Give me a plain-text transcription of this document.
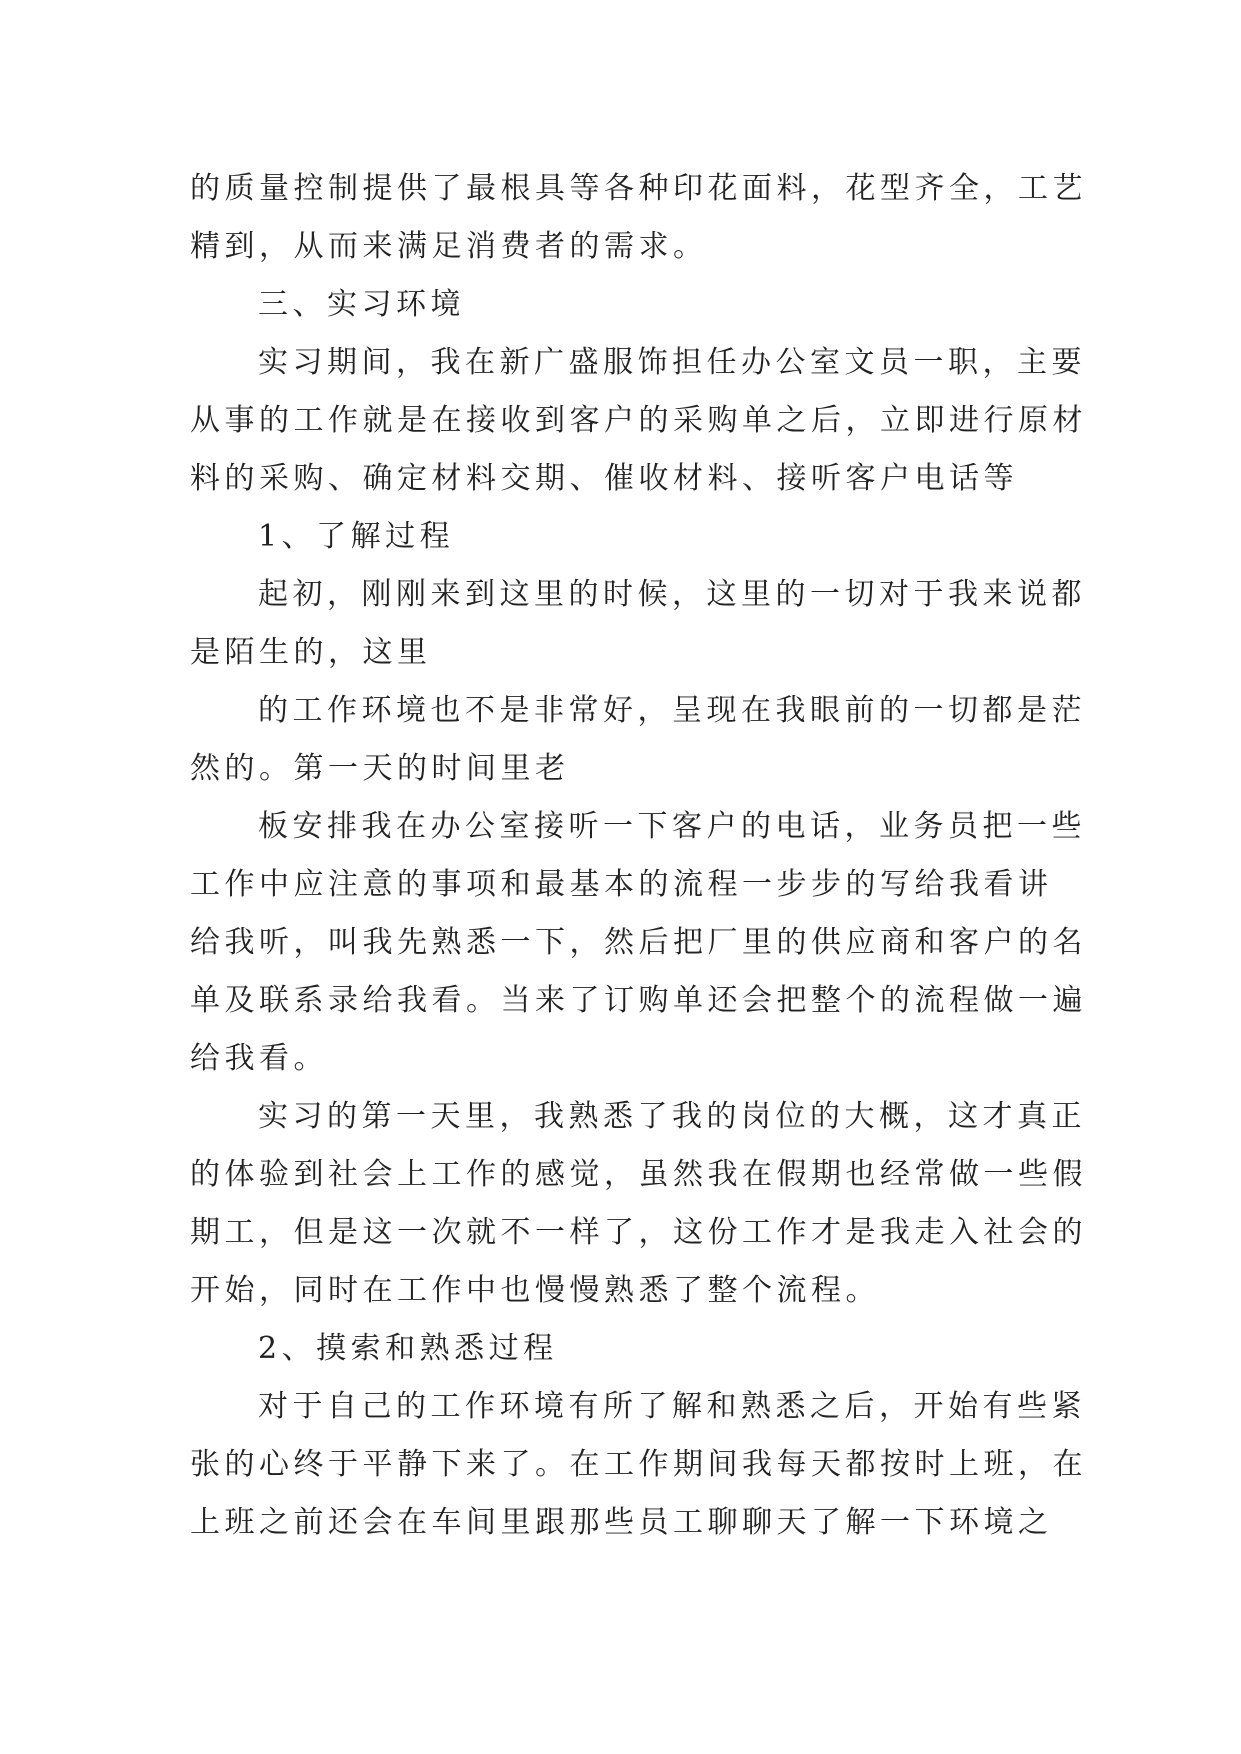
的质量控制提供了最根具等各种印花面料，花型齐全，工艺
精到，从而来满足消费者的需求。
三、实习环境
实习期间，我在新广盛服饰担任办公室文员一职，主要
从事的工作就是在接收到客户的采购单之后，立即进行原材
料的采购、确定材料交期、催收材料、接听客户电话等
1、了解过程
起初，刚刚来到这里的时候，这里的一切对于我来说都
是陌生的，这里
的工作环境也不是非常好，呈现在我眼前的一切都是茫
然的。第一天的时间里老
板安排我在办公室接听一下客户的电话，业务员把一些
工作中应注意的事项和最基本的流程一步步的写给我看讲
给我听，叫我先熟悉一下，然后把厂里的供应商和客户的名
单及联系录给我看。当来了订购单还会把整个的流程做一遍
给我看。
实习的第一天里，我熟悉了我的岗位的大概，这才真正
的体验到社会上工作的感觉，虽然我在假期也经常做一些假
期工，但是这一次就不一样了，这份工作才是我走入社会的
开始，同时在工作中也慢慢熟悉了整个流程。
2、摸索和熟悉过程
对于自己的工作环境有所了解和熟悉之后，开始有些紧
张的心终于平静下来了。在工作期间我每天都按时上班，在
上班之前还会在车间里跟那些员工聊聊天了解一下环境之
